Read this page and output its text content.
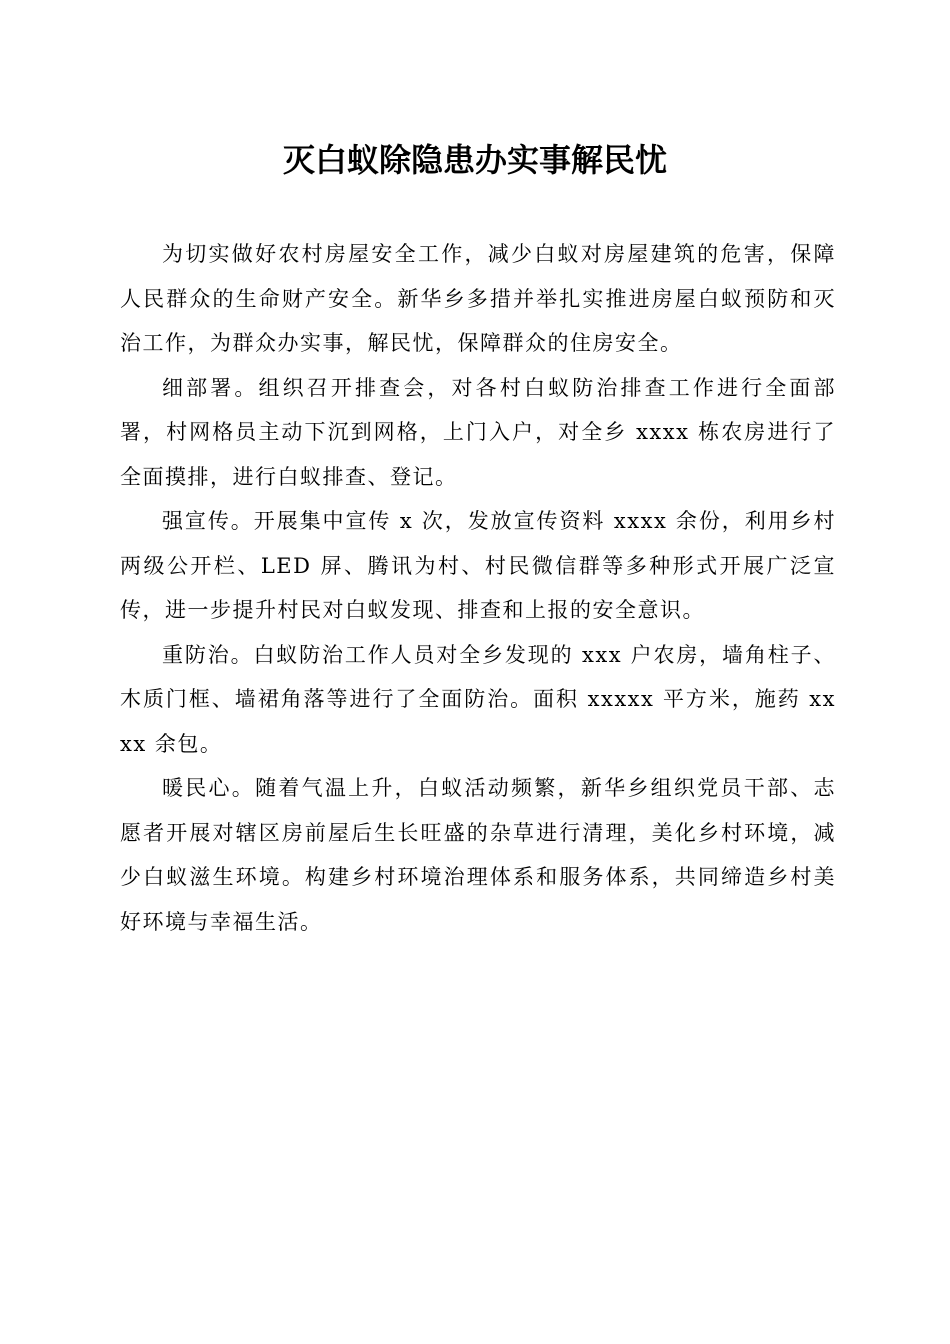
灭白蚁除隐患办实事解民忧

为切实做好农村房屋安全工作，减少白蚁对房屋建筑的危害，保障人民群众的生命财产安全。新华乡多措并举扎实推进房屋白蚁预防和灭治工作，为群众办实事，解民忧，保障群众的住房安全。

细部署。组织召开排查会，对各村白蚁防治排查工作进行全面部署，村网格员主动下沉到网格，上门入户，对全乡 xxxx 栋农房进行了全面摸排，进行白蚁排查、登记。

强宣传。开展集中宣传 x 次，发放宣传资料 xxxx 余份，利用乡村两级公开栏、LED 屏、腾讯为村、村民微信群等多种形式开展广泛宣传，进一步提升村民对白蚁发现、排查和上报的安全意识。

重防治。白蚁防治工作人员对全乡发现的 xxx 户农房，墙角柱子、木质门框、墙裙角落等进行了全面防治。面积 xxxxx 平方米，施药 xxxx 余包。

暖民心。随着气温上升，白蚁活动频繁，新华乡组织党员干部、志愿者开展对辖区房前屋后生长旺盛的杂草进行清理，美化乡村环境，减少白蚁滋生环境。构建乡村环境治理体系和服务体系，共同缔造乡村美好环境与幸福生活。
